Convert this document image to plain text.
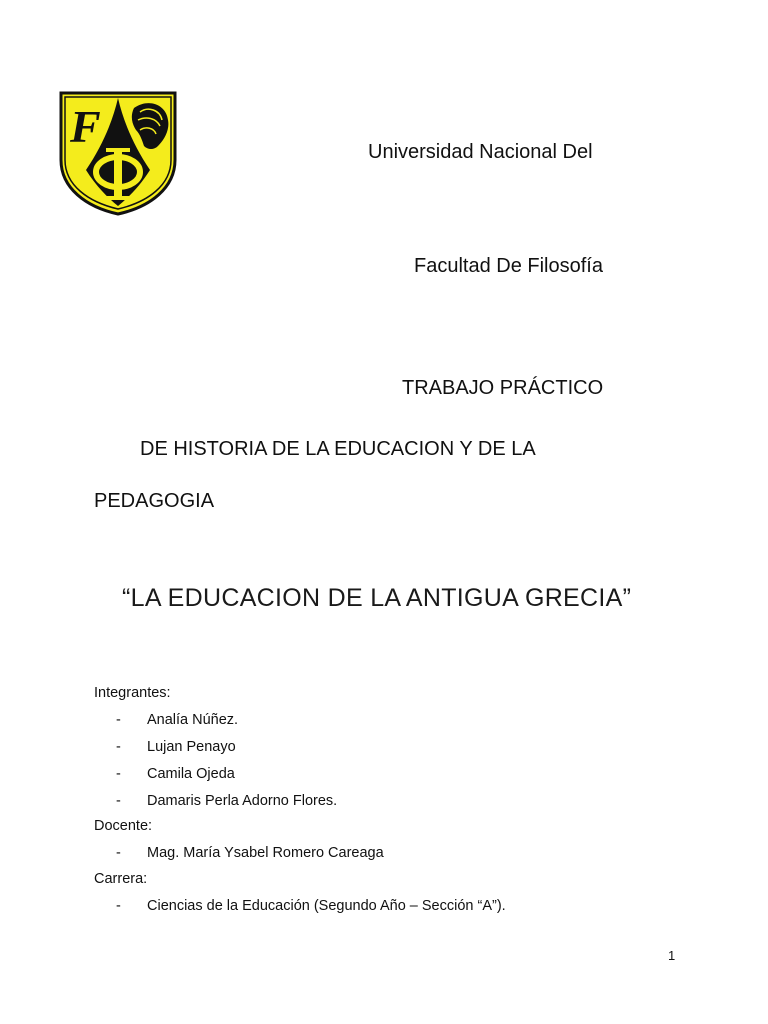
F	Universidad Nacional Del
Facultad De Filosofía
TRABAJO PRÁCTICO
DE HISTORIA DE LA EDUCACION Y DE LA
PEDAGOGIA
“LA EDUCACION DE LA ANTIGUA GRECIA”
Integrantes:
- Analía Núñez.
- Lujan Penayo
- Camila Ojeda
- Damaris Perla Adorno Flores.
Docente:
- Mag. María Ysabel Romero Careaga
Carrera:
- Ciencias de la Educación (Segundo Año – Sección “A”).
1
